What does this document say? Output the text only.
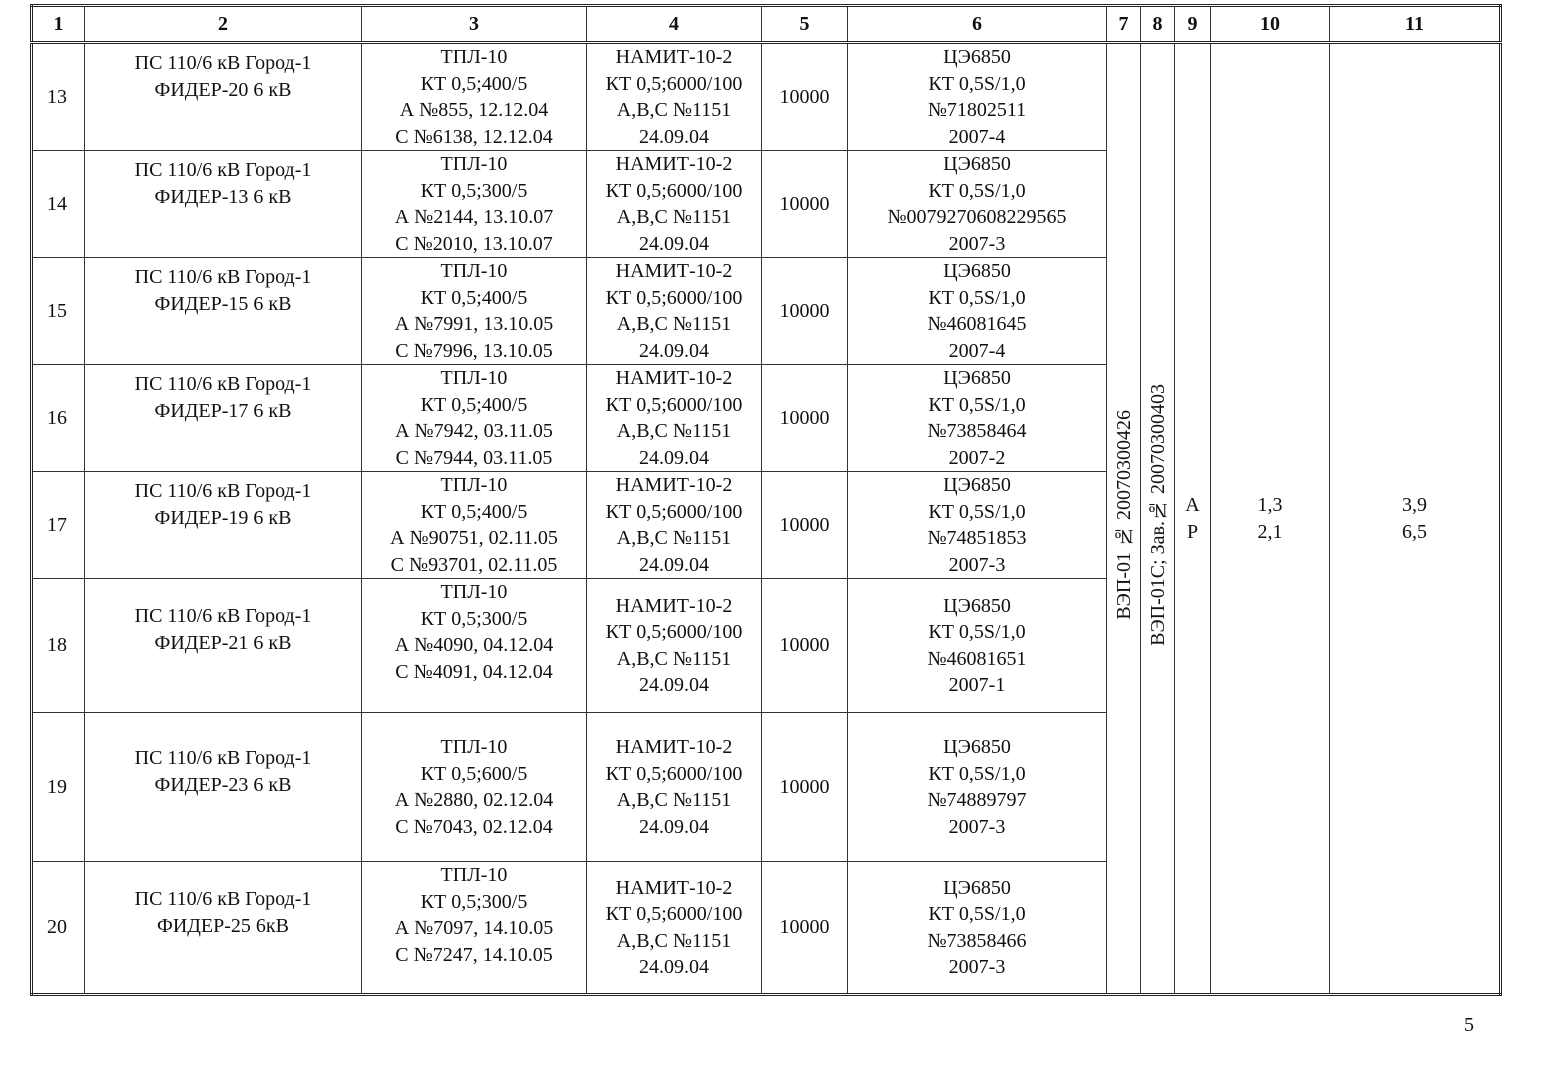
1	2	3	4	5	6	7	8	9	10	11
13	ПС 110/6 кВ Город-1
ФИДЕР-20 6 кВ	ТПЛ-10
КТ 0,5;400/5
А №855, 12.12.04
С №6138, 12.12.04	НАМИТ-10-2
КТ 0,5;6000/100
А,В,С №1151
24.09.04	10000	ЦЭ6850
КТ 0,5S/1,0
№71802511
2007-4	ВЭП-01 № 20070300426	ВЭП-01С; Зав.№ 20070300403	А
Р	1,3
2,1	3,9
6,5

14	ПС 110/6 кВ Город-1
ФИДЕР-13 6 кВ	ТПЛ-10
КТ 0,5;300/5
А №2144, 13.10.07
С №2010, 13.10.07	НАМИТ-10-2
КТ 0,5;6000/100
А,В,С №1151
24.09.04	10000	ЦЭ6850
КТ 0,5S/1,0
№0079270608229565
2007-3					

15	ПС 110/6 кВ Город-1
ФИДЕР-15 6 кВ	ТПЛ-10
КТ 0,5;400/5
А №7991, 13.10.05
С №7996, 13.10.05	НАМИТ-10-2
КТ 0,5;6000/100
А,В,С №1151
24.09.04	10000	ЦЭ6850
КТ 0,5S/1,0
№46081645
2007-4					

16	ПС 110/6 кВ Город-1
ФИДЕР-17 6 кВ	ТПЛ-10
КТ 0,5;400/5
А №7942, 03.11.05
С №7944, 03.11.05	НАМИТ-10-2
КТ 0,5;6000/100
А,В,С №1151
24.09.04	10000	ЦЭ6850
КТ 0,5S/1,0
№73858464
2007-2					

17	ПС 110/6 кВ Город-1
ФИДЕР-19 6 кВ	ТПЛ-10
КТ 0,5;400/5
А №90751, 02.11.05
С №93701, 02.11.05	НАМИТ-10-2
КТ 0,5;6000/100
А,В,С №1151
24.09.04	10000	ЦЭ6850
КТ 0,5S/1,0
№74851853
2007-3					

18	ПС 110/6 кВ Город-1
ФИДЕР-21 6 кВ	ТПЛ-10
КТ 0,5;300/5
А №4090, 04.12.04
С №4091, 04.12.04	НАМИТ-10-2
КТ 0,5;6000/100
А,В,С №1151
24.09.04	10000	ЦЭ6850
КТ 0,5S/1,0
№46081651
2007-1					

19	ПС 110/6 кВ Город-1
ФИДЕР-23 6 кВ	ТПЛ-10
КТ 0,5;600/5
А №2880, 02.12.04
С №7043, 02.12.04	НАМИТ-10-2
КТ 0,5;6000/100
А,В,С №1151
24.09.04	10000	ЦЭ6850
КТ 0,5S/1,0
№74889797
2007-3					

20	ПС 110/6 кВ Город-1
ФИДЕР-25 6кВ	ТПЛ-10
КТ 0,5;300/5
А №7097, 14.10.05
С №7247, 14.10.05	НАМИТ-10-2
КТ 0,5;6000/100
А,В,С №1151
24.09.04	10000	ЦЭ6850
КТ 0,5S/1,0
№73858466
2007-3					
5
